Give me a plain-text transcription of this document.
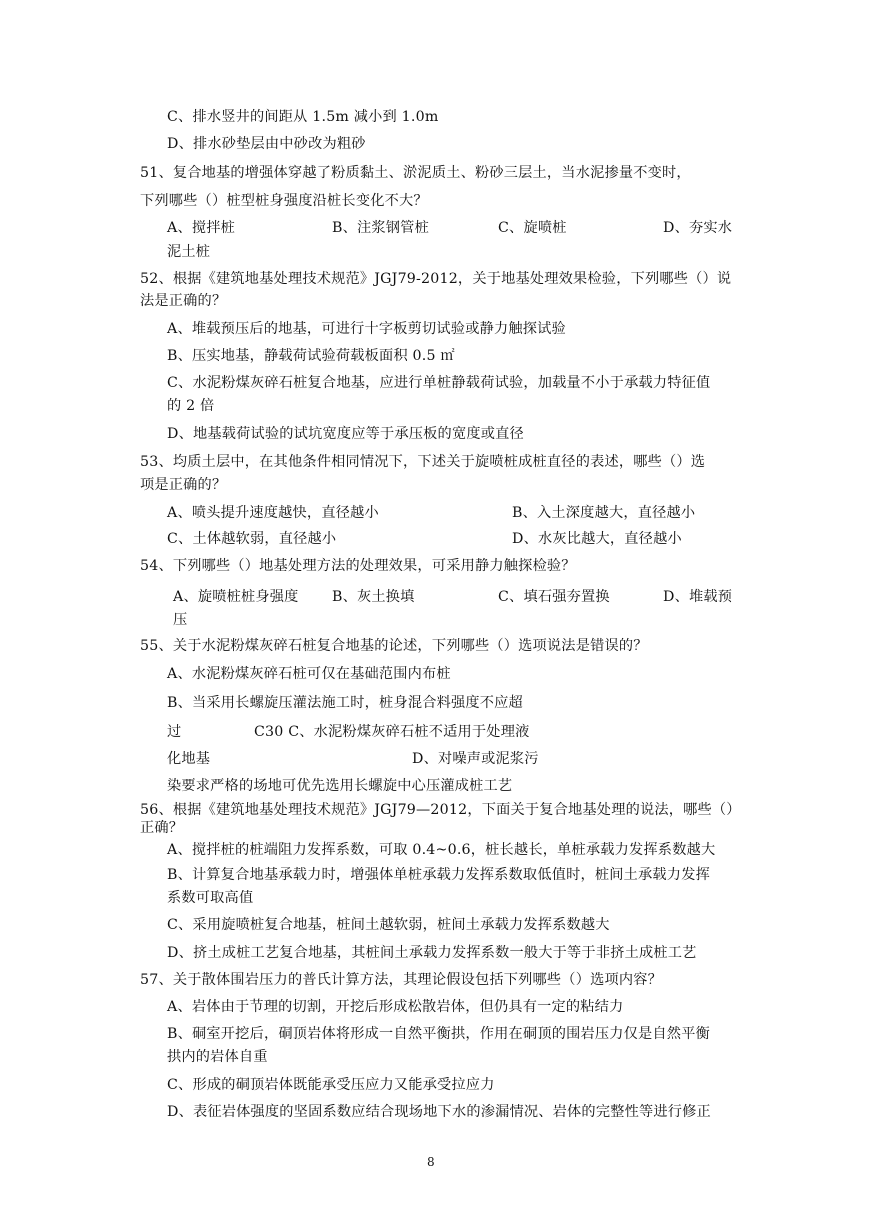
C、排水竖井的间距从 1.5m 减小到 1.0m
D、排水砂垫层由中砂改为粗砂
51、复合地基的增强体穿越了粉质黏土、淤泥质土、粉砂三层土，当水泥掺量不变时，
下列哪些（）桩型桩身强度沿桩长变化不大？
A、搅拌桩	B、注浆钢管桩	C、旋喷桩	D、夯实水
泥土桩
52、根据《建筑地基处理技术规范》JGJ79-2012，关于地基处理效果检验，下列哪些（）说
法是正确的？
A、堆载预压后的地基，可进行十字板剪切试验或静力触探试验
B、压实地基，静载荷试验荷载板面积 0.5 ㎡
C、水泥粉煤灰碎石桩复合地基，应进行单桩静载荷试验，加载量不小于承载力特征值
的 2 倍
D、地基载荷试验的试坑宽度应等于承压板的宽度或直径
53、均质土层中，在其他条件相同情况下，下述关于旋喷桩成桩直径的表述，哪些（）选
项是正确的？
A、喷头提升速度越快，直径越小	B、入土深度越大，直径越小
C、土体越软弱，直径越小	D、水灰比越大，直径越小
54、下列哪些（）地基处理方法的处理效果，可采用静力触探检验？
A、旋喷桩桩身强度 B、灰土换填	C、填石强夯置换	D、堆载预
压
55、关于水泥粉煤灰碎石桩复合地基的论述，下列哪些（）选项说法是错误的？
A、水泥粉煤灰碎石桩可仅在基础范围内布桩
B、当采用长螺旋压灌法施工时，桩身混合料强度不应超
过	C30 C、水泥粉煤灰碎石桩不适用于处理液
化地基	D、对噪声或泥浆污
染要求严格的场地可优先选用长螺旋中心压灌成桩工艺
56、根据《建筑地基处理技术规范》JGJ79—2012，下面关于复合地基处理的说法，哪些（）
正确？
A、搅拌桩的桩端阻力发挥系数，可取 0.4~0.6，桩长越长，单桩承载力发挥系数越大
B、计算复合地基承载力时，增强体单桩承载力发挥系数取低值时，桩间土承载力发挥
系数可取高值
C、采用旋喷桩复合地基，桩间土越软弱，桩间土承载力发挥系数越大
D、挤土成桩工艺复合地基，其桩间土承载力发挥系数一般大于等于非挤土成桩工艺
57、关于散体围岩压力的普氏计算方法，其理论假设包括下列哪些（）选项内容？
A、岩体由于节理的切割，开挖后形成松散岩体，但仍具有一定的粘结力
B、硐室开挖后，硐顶岩体将形成一自然平衡拱，作用在硐顶的围岩压力仅是自然平衡
拱内的岩体自重
C、形成的硐顶岩体既能承受压应力又能承受拉应力
D、表征岩体强度的坚固系数应结合现场地下水的渗漏情况、岩体的完整性等进行修正
8
